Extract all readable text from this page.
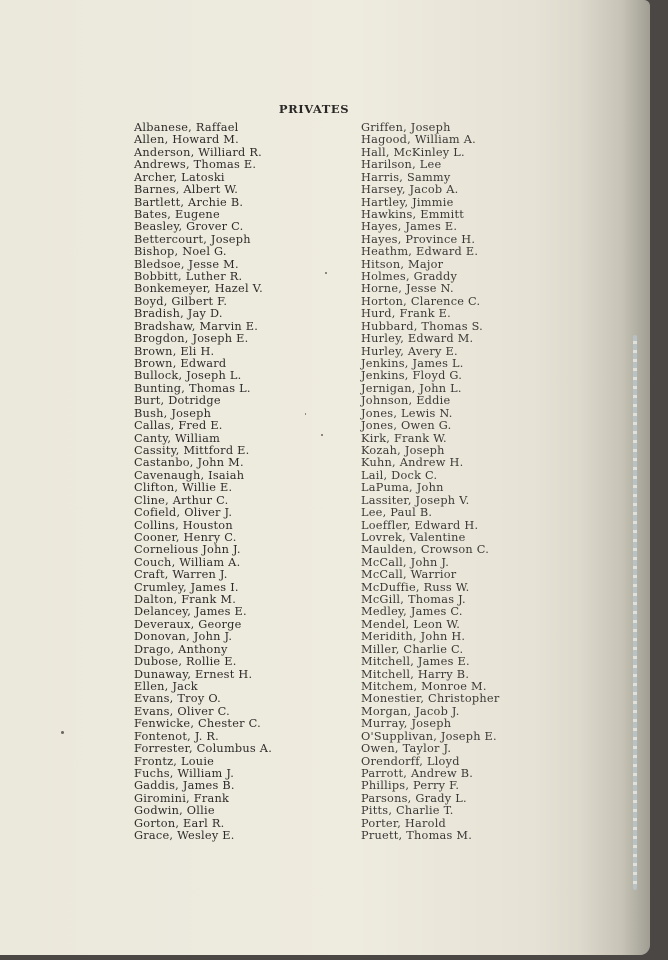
PRIVATES
Albanese, Raffael
Allen, Howard M.
Anderson, Williard R.
Andrews, Thomas E.
Archer, Latoski
Barnes, Albert W.
Bartlett, Archie B.
Bates, Eugene
Beasley, Grover C.
Bettercourt, Joseph
Bishop, Noel G.
Bledsoe, Jesse M.
Bobbitt, Luther R.
Bonkemeyer, Hazel V.
Boyd, Gilbert F.
Bradish, Jay D.
Bradshaw, Marvin E.
Brogdon, Joseph E.
Brown, Eli H.
Brown, Edward
Bullock, Joseph L.
Bunting, Thomas L.
Burt, Dotridge
Bush, Joseph
Callas, Fred E.
Canty, William
Cassity, Mittford E.
Castanbo, John M.
Cavenaugh, Isaiah
Clifton, Willie E.
Cline, Arthur C.
Cofield, Oliver J.
Collins, Houston
Cooner, Henry C.
Cornelious John J.
Couch, William A.
Craft, Warren J.
Crumley, James I.
Dalton, Frank M.
Delancey, James E.
Deveraux, George
Donovan, John J.
Drago, Anthony
Dubose, Rollie E.
Dunaway, Ernest H.
Ellen, Jack
Evans, Troy O.
Evans, Oliver C.
Fenwicke, Chester C.
Fontenot, J. R.
Forrester, Columbus A.
Frontz, Louie
Fuchs, William J.
Gaddis, James B.
Giromini, Frank
Godwin, Ollie
Gorton, Earl R.
Grace, Wesley E.
Griffen, Joseph
Hagood, William A.
Hall, McKinley L.
Harilson, Lee
Harris, Sammy
Harsey, Jacob A.
Hartley, Jimmie
Hawkins, Emmitt
Hayes, James E.
Hayes, Province H.
Heathm, Edward E.
Hitson, Major
Holmes, Graddy
Horne, Jesse N.
Horton, Clarence C.
Hurd, Frank E.
Hubbard, Thomas S.
Hurley, Edward M.
Hurley, Avery E.
Jenkins, James L.
Jenkins, Floyd G.
Jernigan, John L.
Johnson, Eddie
Jones, Lewis N.
Jones, Owen G.
Kirk, Frank W.
Kozah, Joseph
Kuhn, Andrew H.
Lail, Dock C.
LaPuma, John
Lassiter, Joseph V.
Lee, Paul B.
Loeffler, Edward H.
Lovrek, Valentine
Maulden, Crowson C.
McCall, John J.
McCall, Warrior
McDuffie, Russ W.
McGill, Thomas J.
Medley, James C.
Mendel, Leon W.
Meridith, John H.
Miller, Charlie C.
Mitchell, James E.
Mitchell, Harry B.
Mitchem, Monroe M.
Monestier, Christopher
Morgan, Jacob J.
Murray, Joseph
O'Supplivan, Joseph E.
Owen, Taylor J.
Orendorff, Lloyd
Parrott, Andrew B.
Phillips, Perry F.
Parsons, Grady L.
Pitts, Charlie T.
Porter, Harold
Pruett, Thomas M.
